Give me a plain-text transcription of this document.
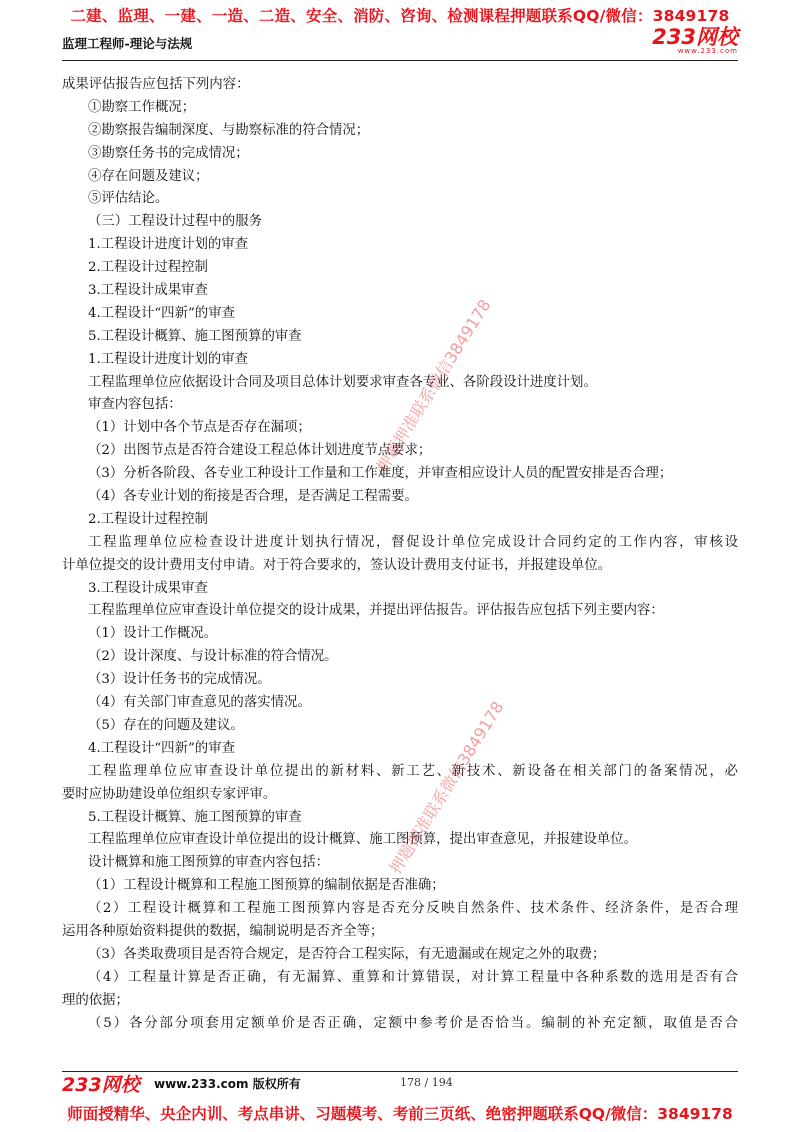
二建、监理、一建、一造、二造、安全、消防、咨询、检测课程押题联系QQ/微信：3849178
监理工程师-理论与法规	233网校
www.233.com
成果评估报告应包括下列内容：
①勘察工作概况；
②勘察报告编制深度、与勘察标准的符合情况；
③勘察任务书的完成情况；
④存在问题及建议；
⑤评估结论。
（三）工程设计过程中的服务
1.工程设计进度计划的审查
2.工程设计过程控制
3.工程设计成果审查
4.工程设计“四新”的审查
5.工程设计概算、施工图预算的审查
1.工程设计进度计划的审查
工程监理单位应依据设计合同及项目总体计划要求审查各专业、各阶段设计进度计划。
审查内容包括：
（1）计划中各个节点是否存在漏项；
（2）出图节点是否符合建设工程总体计划进度节点要求；
（3）分析各阶段、各专业工种设计工作量和工作难度，并审查相应设计人员的配置安排是否合理；
（4）各专业计划的衔接是否合理，是否满足工程需要。
2.工程设计过程控制
工程监理单位应检查设计进度计划执行情况，督促设计单位完成设计合同约定的工作内容，审核设
计单位提交的设计费用支付申请。对于符合要求的，签认设计费用支付证书，并报建设单位。
3.工程设计成果审查
工程监理单位应审查设计单位提交的设计成果，并提出评估报告。评估报告应包括下列主要内容：
（1）设计工作概况。
（2）设计深度、与设计标准的符合情况。
（3）设计任务书的完成情况。
（4）有关部门审查意见的落实情况。
（5）存在的问题及建议。
4.工程设计“四新”的审查
工程监理单位应审查设计单位提出的新材料、新工艺、新技术、新设备在相关部门的备案情况，必
要时应协助建设单位组织专家评审。
5.工程设计概算、施工图预算的审查
工程监理单位应审查设计单位提出的设计概算、施工图预算，提出审查意见，并报建设单位。
设计概算和施工图预算的审查内容包括：
（1）工程设计概算和工程施工图预算的编制依据是否准确；
（2）工程设计概算和工程施工图预算内容是否充分反映自然条件、技术条件、经济条件，是否合理
运用各种原始资料提供的数据，编制说明是否齐全等；
（3）各类取费项目是否符合规定，是否符合工程实际，有无遗漏或在规定之外的取费；
（4）工程量计算是否正确，有无漏算、重算和计算错误，对计算工程量中各种系数的选用是否有合
理的依据；
（5）各分部分项套用定额单价是否正确，定额中参考价是否恰当。编制的补充定额，取值是否合
押题押准联系微信3849178
押题押准联系微信3849178
233网校 www.233.com 版权所有	178 / 194
师面授精华、央企内训、考点串讲、习题模考、考前三页纸、绝密押题联系QQ/微信：3849178
